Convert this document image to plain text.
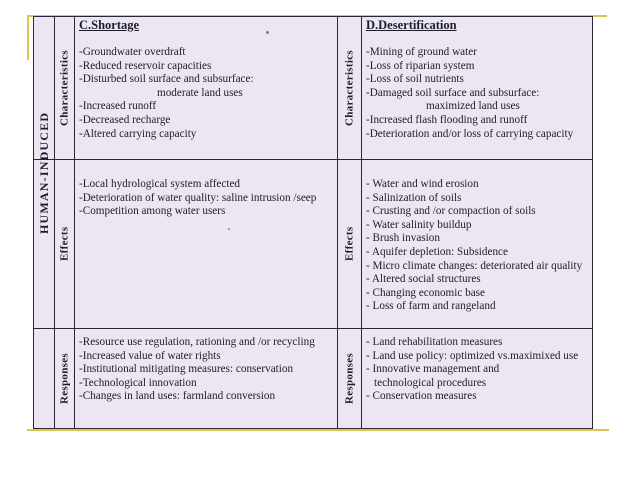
HUMAN-INDUCED
Characteristics
Effects
Responses
Characteristics
Effects
Responses
C.Shortage	D.Desertification
-Groundwater overdraft
-Reduced reservoir capacities
-Disturbed soil surface and subsurface:
moderate land uses
-Increased runoff
-Decreased recharge
-Altered carrying capacity
-Mining of ground water
-Loss of riparian system
-Loss of soil nutrients
-Damaged soil surface and subsurface:
maximized land uses
-Increased flash flooding and runoff
-Deterioration and/or loss of carrying capacity
-Local hydrological system affected
-Deterioration of water quality: saline intrusion /seep
-Competition among water users
- Water and wind erosion
- Salinization of soils
- Crusting and /or compaction of soils
- Water salinity buildup
- Brush invasion
- Aquifer depletion: Subsidence
- Micro climate changes: deteriorated air quality
- Altered social structures
- Changing economic base
- Loss of farm and rangeland
-Resource use regulation, rationing and /or recycling
-Increased value of water rights
-Institutional mitigating measures: conservation
-Technological innovation
-Changes in land uses: farmland conversion
- Land rehabilitation measures
- Land use policy: optimized vs.maximixed use
- Innovative management and
technological procedures
- Conservation measures
